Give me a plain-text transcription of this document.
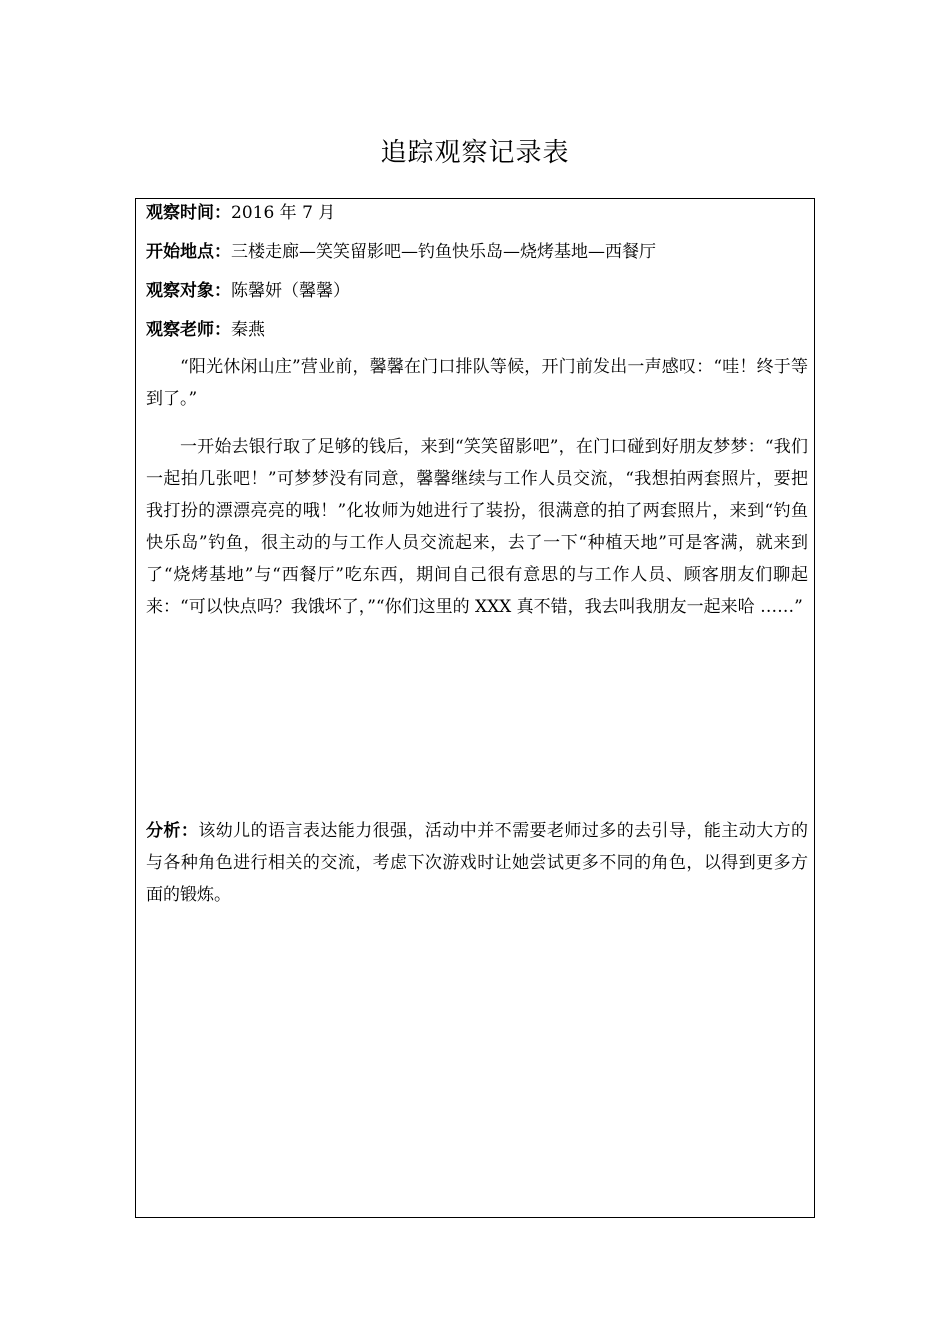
追踪观察记录表
观察时间：2016 年 7 月
开始地点：三楼走廊—笑笑留影吧—钓鱼快乐岛—烧烤基地—西餐厅
观察对象：陈馨妍（馨馨）
观察老师：秦燕

“阳光休闲山庄”营业前，馨馨在门口排队等候，开门前发出一声感叹：“哇！终于等到了。”

一开始去银行取了足够的钱后，来到“笑笑留影吧”，在门口碰到好朋友梦梦：“我们一起拍几张吧！”可梦梦没有同意，馨馨继续与工作人员交流，“我想拍两套照片，要把我打扮的漂漂亮亮的哦！”化妆师为她进行了装扮，很满意的拍了两套照片，来到“钓鱼快乐岛”钓鱼，很主动的与工作人员交流起来，去了一下“种植天地”可是客满，就来到了“烧烤基地”与“西餐厅”吃东西，期间自己很有意思的与工作人员、顾客朋友们聊起来：“可以快点吗？我饿坏了，”“你们这里的 XXX 真不错，我去叫我朋友一起来哈 ……”

分析：该幼儿的语言表达能力很强，活动中并不需要老师过多的去引导，能主动大方的与各种角色进行相关的交流，考虑下次游戏时让她尝试更多不同的角色，以得到更多方面的锻炼。
